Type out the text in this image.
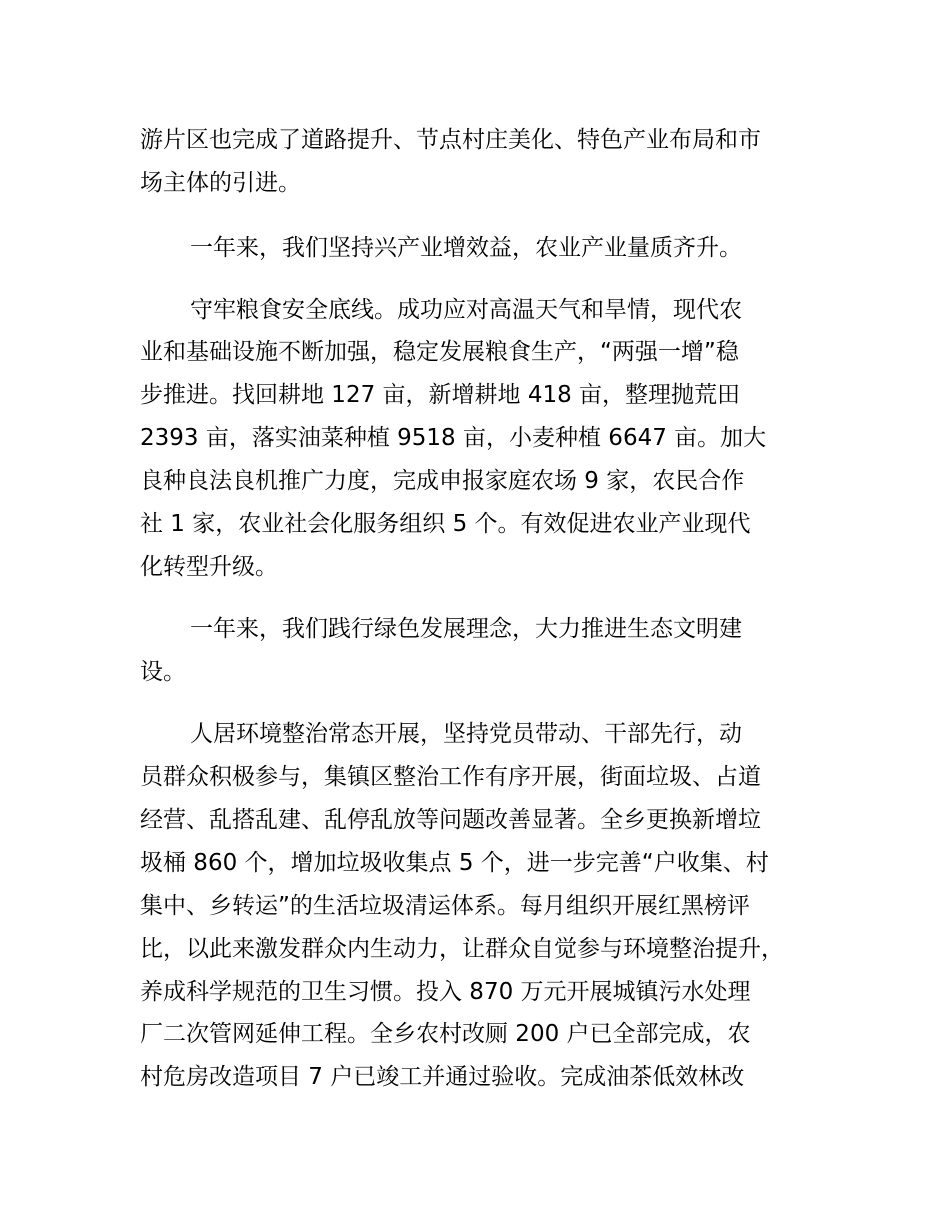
游片区也完成了道路提升、节点村庄美化、特色产业布局和市

场主体的引进。

一年来，我们坚持兴产业增效益，农业产业量质齐升。

守牢粮食安全底线。成功应对高温天气和旱情，现代农

业和基础设施不断加强，稳定发展粮食生产，“两强一增”稳

步推进。找回耕地 127 亩，新增耕地 418 亩，整理抛荒田

2393 亩，落实油菜种植 9518 亩，小麦种植 6647 亩。加大

良种良法良机推广力度，完成申报家庭农场 9 家，农民合作

社 1 家，农业社会化服务组织 5 个。有效促进农业产业现代

化转型升级。

一年来，我们践行绿色发展理念，大力推进生态文明建

设。

人居环境整治常态开展，坚持党员带动、干部先行，动

员群众积极参与，集镇区整治工作有序开展，街面垃圾、占道

经营、乱搭乱建、乱停乱放等问题改善显著。全乡更换新增垃

圾桶 860 个，增加垃圾收集点 5 个，进一步完善“户收集、村

集中、乡转运”的生活垃圾清运体系。每月组织开展红黑榜评

比，以此来激发群众内生动力，让群众自觉参与环境整治提升，

养成科学规范的卫生习惯。投入 870 万元开展城镇污水处理

厂二次管网延伸工程。全乡农村改厕 200 户已全部完成，农

村危房改造项目 7 户已竣工并通过验收。完成油茶低效林改
